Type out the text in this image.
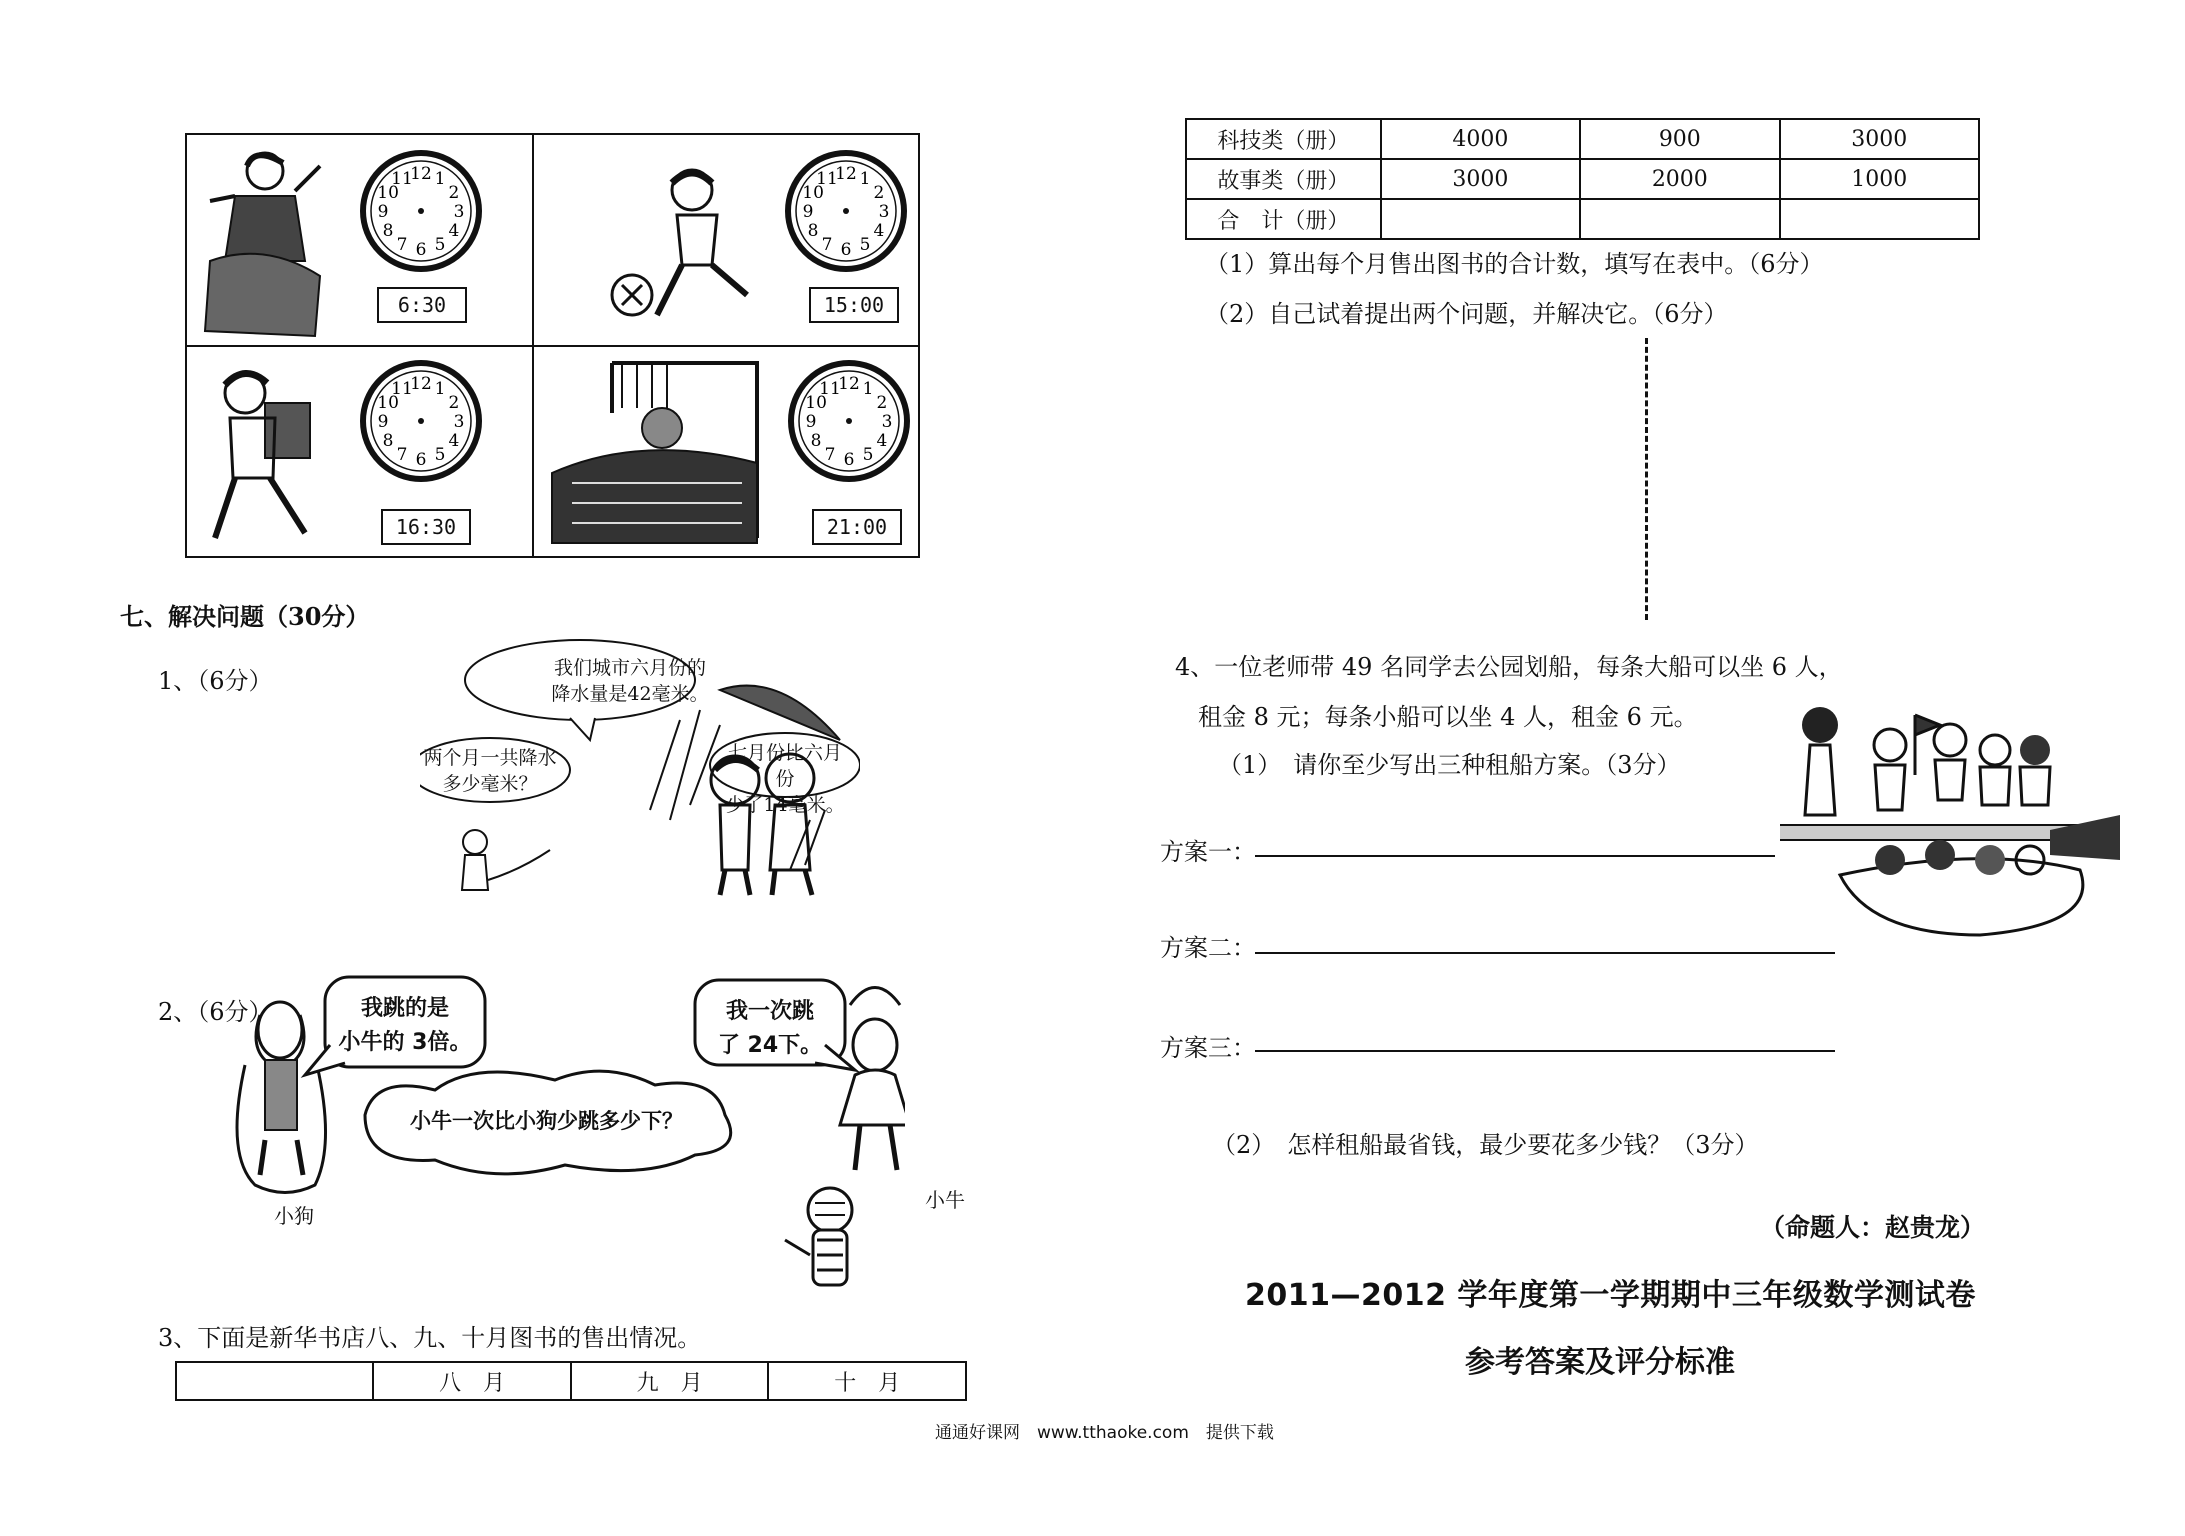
12 1
2
3
4
5
6
7
8
9
10
11	12 1
2
3
4
5
6
7
8
9
10
11
12 1
2
3
4
5
6
7
8
9
10
11	12 1
2
3
4
5
6
7
8
9
10
11
6:30	15:00
16:30	21:00
七、解决问题（30分）
1、（6分）	我们城市六月份的
降水量是42毫米。
两个月一共降水
多少毫米？
七月份比六月份
少了14毫米。
2、（6分）	我跳的是
小牛的 3倍。
我一次跳
了 24下。
小牛一次比小狗少跳多少下？
小狗
小牛
3、下面是新华书店八、九、十月图书的售出情况。
	八　月	九　月	十　月
科技类（册）	4000	900	3000
故事类（册）	3000	2000	1000
合　计（册）			
（1）算出每个月售出图书的合计数，填写在表中。（6分）
（2）自己试着提出两个问题，并解决它。（6分）
4、一位老师带 49 名同学去公园划船，每条大船可以坐 6 人，
租金 8 元；每条小船可以坐 4 人，租金 6 元。
（1）　请你至少写出三种租船方案。（3分）
方案一：
方案二：
方案三：
（2）　怎样租船最省钱，最少要花多少钱？（3分）
（命题人：赵贵龙）
2011—2012 学年度第一学期期中三年级数学测试卷
参考答案及评分标准
通通好课网　www.tthaoke.com　提供下载
